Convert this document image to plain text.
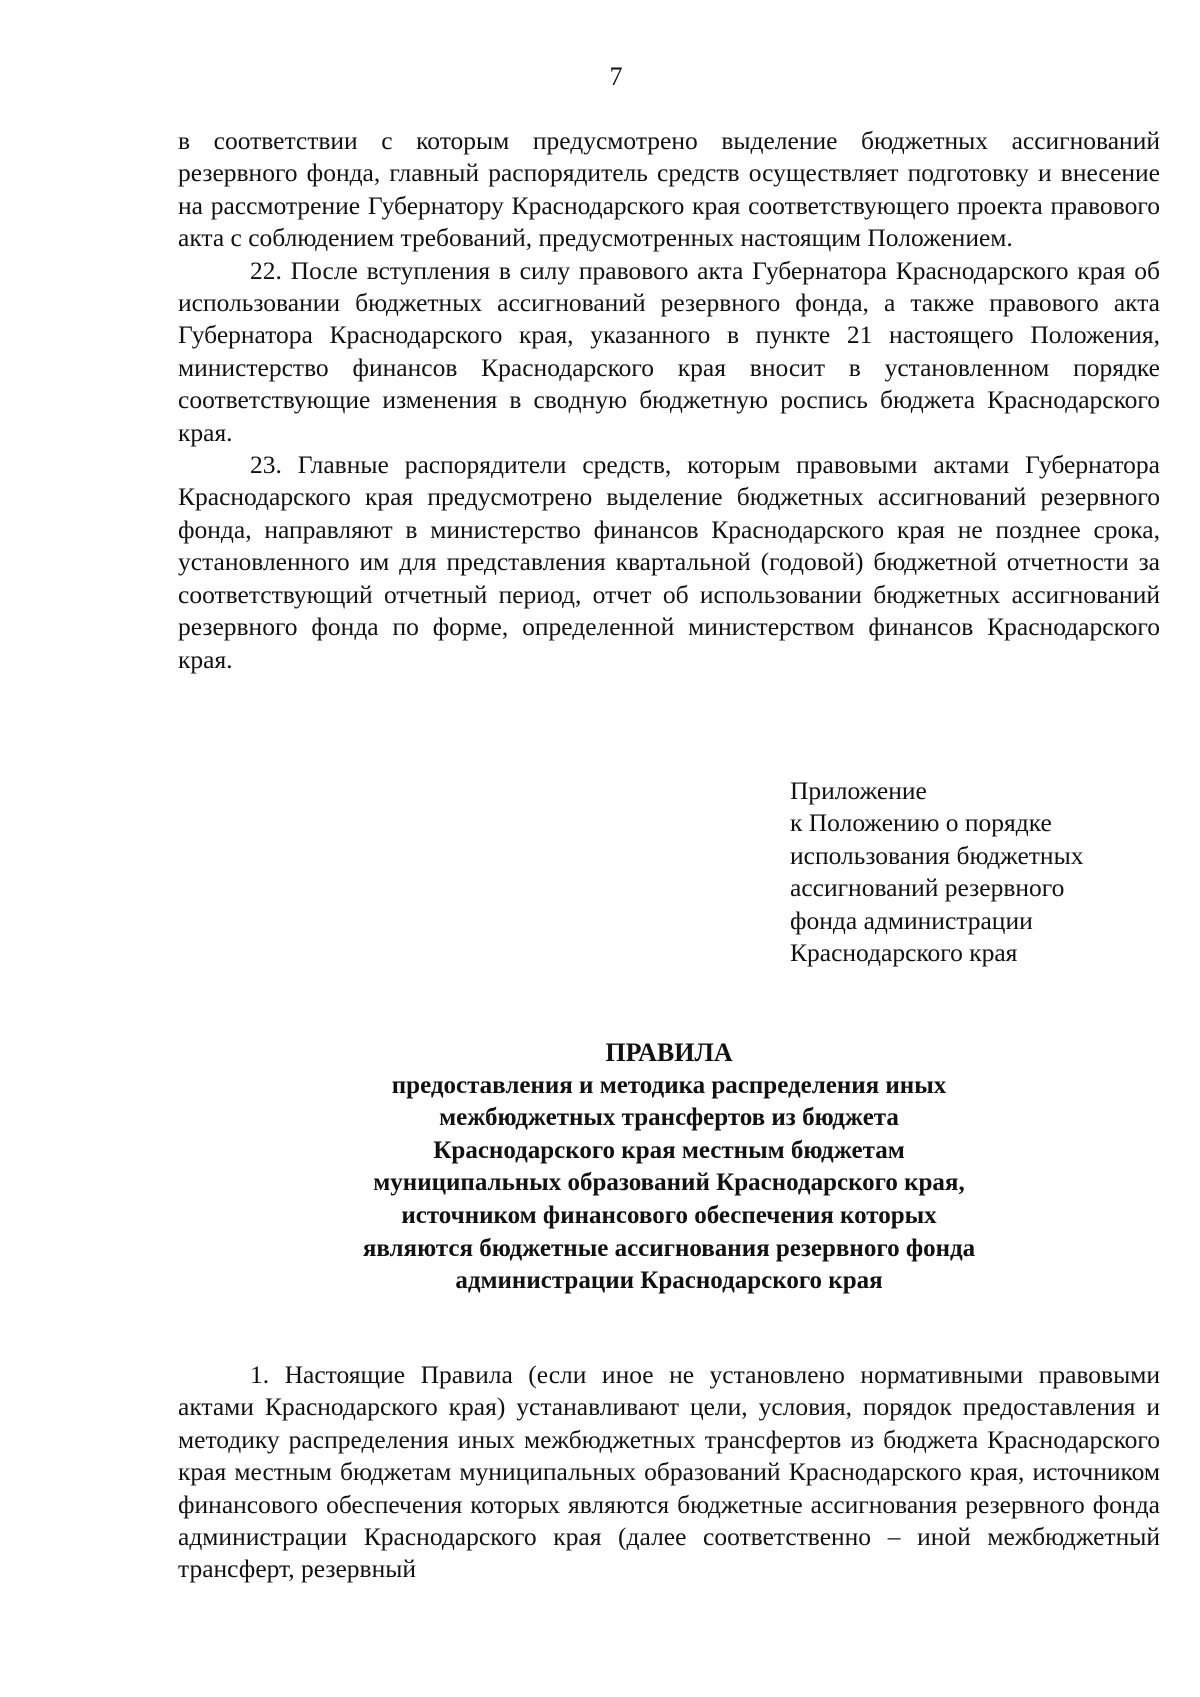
7

в соответствии с которым предусмотрено выделение бюджетных ассигнований резервного фонда, главный распорядитель средств осуществляет подготовку и внесение на рассмотрение Губернатору Краснодарского края соответствующего проекта правового акта с соблюдением требований, предусмотренных настоящим Положением.

22. После вступления в силу правового акта Губернатора Краснодарского края об использовании бюджетных ассигнований резервного фонда, а также правового акта Губернатора Краснодарского края, указанного в пункте 21 настоящего Положения, министерство финансов Краснодарского края вносит в установленном порядке соответствующие изменения в сводную бюджетную роспись бюджета Краснодарского края.

23. Главные распорядители средств, которым правовыми актами Губернатора Краснодарского края предусмотрено выделение бюджетных ассигнований резервного фонда, направляют в министерство финансов Краснодарского края не позднее срока, установленного им для представления квартальной (годовой) бюджетной отчетности за соответствующий отчетный период, отчет об использовании бюджетных ассигнований резервного фонда по форме, определенной министерством финансов Краснодарского края.

Приложение
к Положению о порядке
использования бюджетных
ассигнований резервного
фонда администрации
Краснодарского края
ПРАВИЛА
предоставления и методика распределения иных
межбюджетных трансфертов из бюджета
Краснодарского края местным бюджетам
муниципальных образований Краснодарского края,
источником финансового обеспечения которых
являются бюджетные ассигнования резервного фонда
администрации Краснодарского края

1. Настоящие Правила (если иное не установлено нормативными правовыми актами Краснодарского края) устанавливают цели, условия, порядок предоставления и методику распределения иных межбюджетных трансфертов из бюджета Краснодарского края местным бюджетам муниципальных образований Краснодарского края, источником финансового обеспечения которых являются бюджетные ассигнования резервного фонда администрации Краснодарского края (далее соответственно – иной межбюджетный трансферт, резервный
